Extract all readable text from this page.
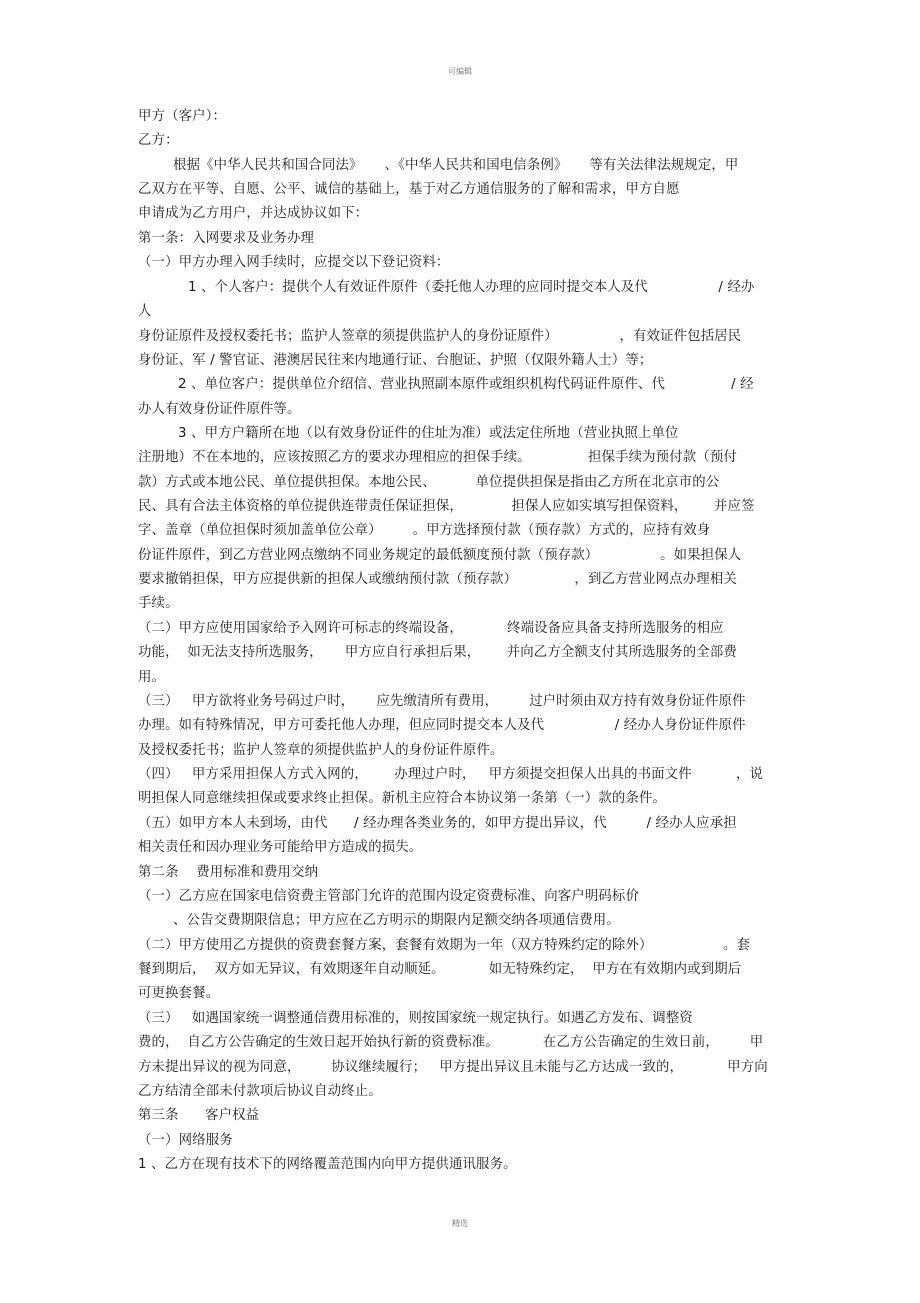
可编辑
甲方（客户）：
乙方：
根据《中华人民共和国合同法》     、《中华人民共和国电信条例》     等有关法律法规规定，甲
乙双方在平等、自愿、公平、诚信的基础上，基于对乙方通信服务的了解和需求，甲方自愿
申请成为乙方用户，并达成协议如下：
第一条：入网要求及业务办理
（一）甲方办理入网手续时，应提交以下登记资料：
1 、个人客户：提供个人有效证件原件（委托他人办理的应同时提交本人及代                / 经办
人
身份证原件及授权委托书；监护人签章的须提供监护人的身份证原件）              ，有效证件包括居民
身份证、军 / 警官证、港澳居民往来内地通行证、台胞证、护照（仅限外籍人士）等；
2 、单位客户：提供单位介绍信、营业执照副本原件或组织机构代码证件原件、代               / 经
办人有效身份证件原件等。
3 、甲方户籍所在地（以有效身份证件的住址为准）或法定住所地（营业执照上单位
注册地）不在本地的，应该按照乙方的要求办理相应的担保手续。             担保手续为预付款（预付
款）方式或本地公民、单位提供担保。本地公民、         单位提供担保是指由乙方所在北京市的公
民、具有合法主体资格的单位提供连带责任保证担保，           担保人应如实填写担保资料，      并应签
字、盖章（单位担保时须加盖单位公章）       。甲方选择预付款（预存款）方式的，应持有效身
份证件原件，到乙方营业网点缴纳不同业务规定的最低额度预付款（预存款）              。如果担保人
要求撤销担保，甲方应提供新的担保人或缴纳预付款（预存款）             ，到乙方营业网点办理相关
手续。
（二）甲方应使用国家给予入网许可标志的终端设备，          终端设备应具备支持所选服务的相应
功能，  如无法支持所选服务，     甲方应自行承担后果，      并向乙方全额支付其所选服务的全部费
用。
（三）   甲方欲将业务号码过户时，     应先缴清所有费用，       过户时须由双方持有效身份证件原件
办理。如有特殊情况，甲方可委托他人办理，但应同时提交本人及代                / 经办人身份证件原件
及授权委托书；监护人签章的须提供监护人的身份证件原件。
（四）   甲方采用担保人方式入网的，      办理过户时，   甲方须提交担保人出具的书面文件          ，说
明担保人同意继续担保或要求终止担保。新机主应符合本协议第一条第（一）款的条件。
（五）如甲方本人未到场，由代      / 经办理各类业务的，如甲方提出异议，代         / 经办人应承担
相关责任和因办理业务可能给甲方造成的损失。
第二条    费用标准和费用交纳
（一）乙方应在国家电信资费主管部门允许的范围内设定资费标准、向客户明码标价
、公告交费期限信息；甲方应在乙方明示的期限内足额交纳各项通信费用。
（二）甲方使用乙方提供的资费套餐方案，套餐有效期为一年（双方特殊约定的除外）                。套
餐到期后，  双方如无异议，有效期逐年自动顺延。          如无特殊约定，  甲方在有效期内或到期后
可更换套餐。
（三）   如遇国家统一调整通信费用标准的，则按国家统一规定执行。如遇乙方发布、调整资
费的，  自乙方公告确定的生效日起开始执行新的资费标准。          在乙方公告确定的生效日前，       甲
方未提出异议的视为同意，       协议继续履行；   甲方提出异议且未能与乙方达成一致的，          甲方向
乙方结清全部未付款项后协议自动终止。
第三条      客户权益
（一）网络服务
1 、乙方在现有技术下的网络覆盖范围内向甲方提供通讯服务。
精选
